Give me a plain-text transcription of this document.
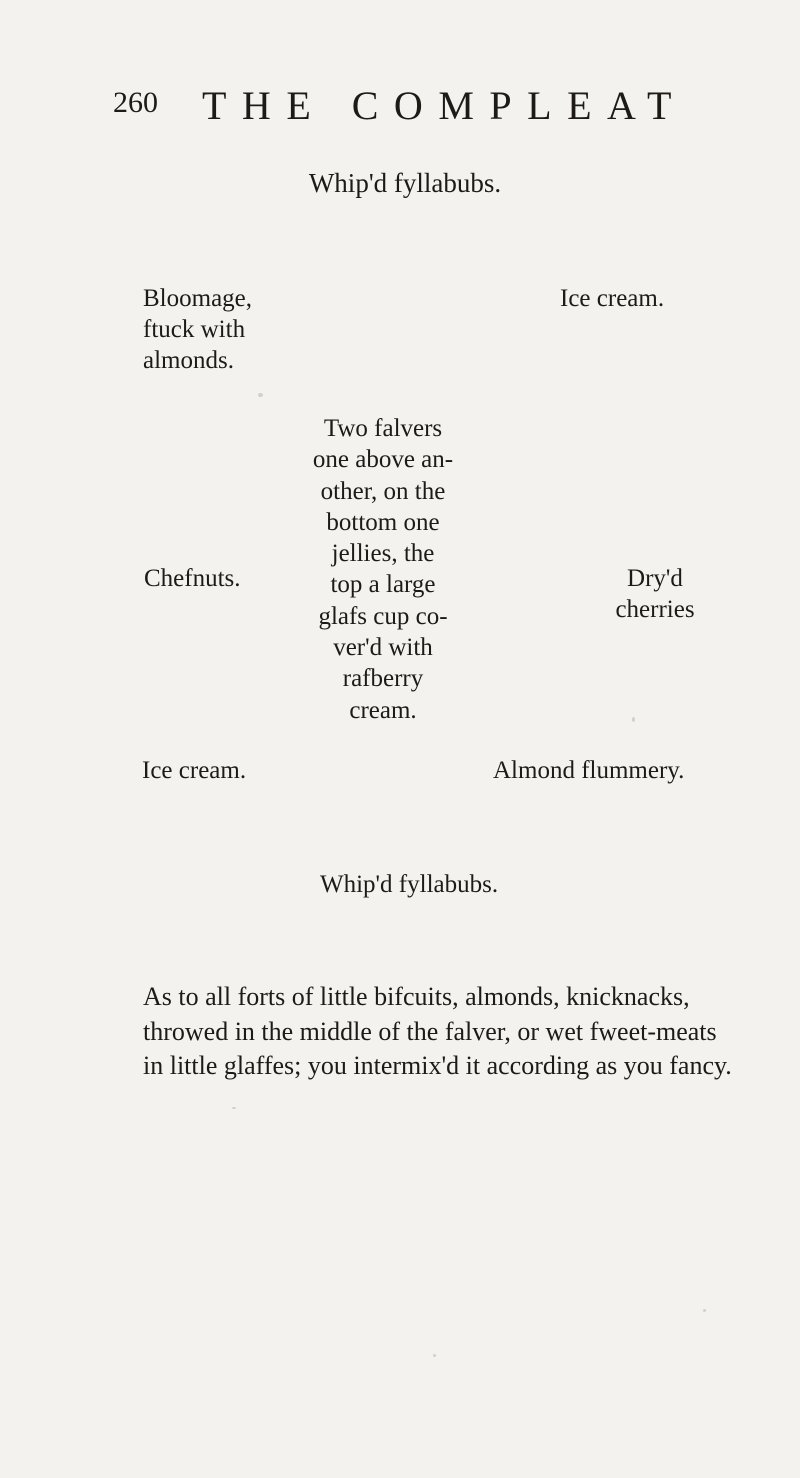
260 THE COMPLEAT
Whip'd fyllabubs.
Bloomage,
ftuck with
almonds.
Ice cream.
Chefnuts.
Two falvers
one above an-
other, on the
bottom one
jellies, the
top a large
glafs cup co-
ver'd with
rafberry
cream.
Dry'd
cherries
Ice cream.	Almond flummery.
Whip'd fyllabubs.
As to all forts of little bifcuits, almonds, knicknacks,
throwed in the middle of the falver, or wet fweet-meats
in little glaffes; you intermix'd it according as you fancy.
